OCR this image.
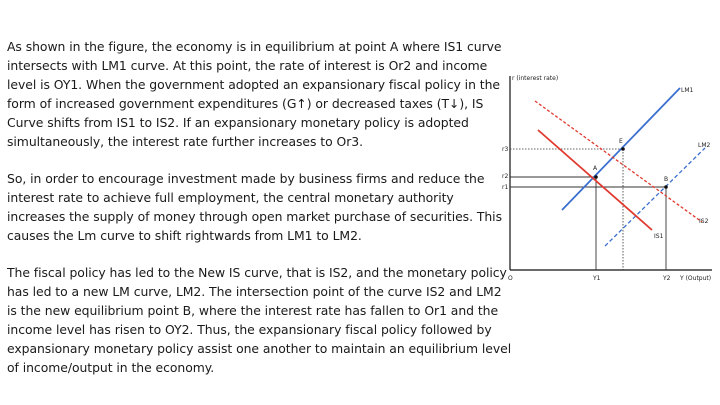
As shown in the figure, the economy is in equilibrium at point A where IS1 curve intersects with LM1 curve. At this point, the rate of interest is Or2 and income level is OY1. When the government adopted an expansionary fiscal policy in the form of increased government expenditures (G↑) or decreased taxes (T↓), IS Curve shifts from IS1 to IS2. If an expansionary monetary policy is adopted simultaneously, the interest rate further increases to Or3.

So, in order to encourage investment made by business firms and reduce the interest rate to achieve full employment, the central monetary authority increases the supply of money through open market purchase of securities. This causes the Lm curve to shift rightwards from LM1 to LM2.

The fiscal policy has led to the New IS curve, that is IS2, and the monetary policy has led to a new LM curve, LM2. The intersection point of the curve IS2 and LM2 is the new equilibrium point B, where the interest rate has fallen to Or1 and the income level has risen to OY2. Thus, the expansionary fiscal policy followed by expansionary monetary policy assist one another to maintain an equilibrium level of income/output in the economy.

r (interest rate)
Y (Output)
O
A
B
E
r3
r2
r1
Y1	Y2
LM1
LM2
IS1
IS2
